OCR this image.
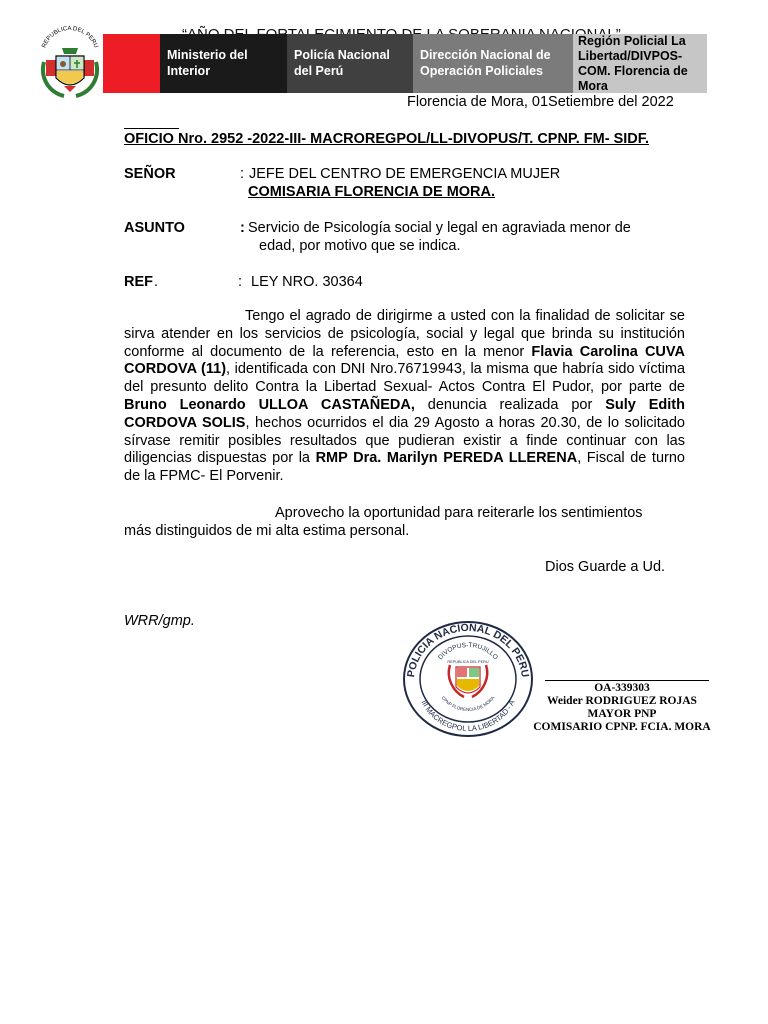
REPUBLICA DEL PERU
Ministerio del
Interior
Policía Nacional
del Perú
Dirección Nacional de
Operación Policiales
Región Policial La
Libertad/DIVPOS-
COM. Florencia de
Mora
Florencia de Mora, 01Setiembre del 2022
OFICIO Nro. 2952 -2022-III- MACROREGPOL/LL-DIVOPUS/T. CPNP. FM- SIDF.
SEÑOR	: JEFE DEL CENTRO DE EMERGENCIA MUJER
COMISARIA FLORENCIA DE MORA.
ASUNTO	: Servicio de Psicología social y legal en agraviada menor de
edad, por motivo que se indica.
REF .	: LEY NRO. 30364
Tengo el agrado de dirigirme a usted con la finalidad de solicitar se sirva atender en los servicios de psicología, social y legal que brinda su institución conforme al documento de la referencia, esto en la menor Flavia Carolina CUVA CORDOVA (11), identificada con DNI Nro.76719943, la misma que habría sido víctima del presunto delito Contra la Libertad Sexual- Actos Contra El Pudor, por parte de Bruno Leonardo ULLOA CASTAÑEDA, denuncia realizada por Suly Edith CORDOVA SOLIS, hechos ocurridos el dia 29 Agosto a horas 20.30, de lo solicitado sírvase remitir posibles resultados que pudieran existir a finde continuar con las diligencias dispuestas por la RMP Dra. Marilyn PEREDA LLERENA, Fiscal de turno de la FPMC- El Porvenir.
Aprovecho la oportunidad para reiterarle los sentimientos
más distinguidos de mi alta estima personal.
Dios Guarde a Ud.
WRR/gmp.
POLICIA NACIONAL DEL PERU
III MACREGPOL LA LIBERTAD - A
DIVOPUS-TRUJILLO
CPNP FLORENCIA DE MORA
REPUBLICA DEL PERU
OA-339303
Weider RODRIGUEZ ROJAS
MAYOR PNP
COMISARIO CPNP. FCIA. MORA
